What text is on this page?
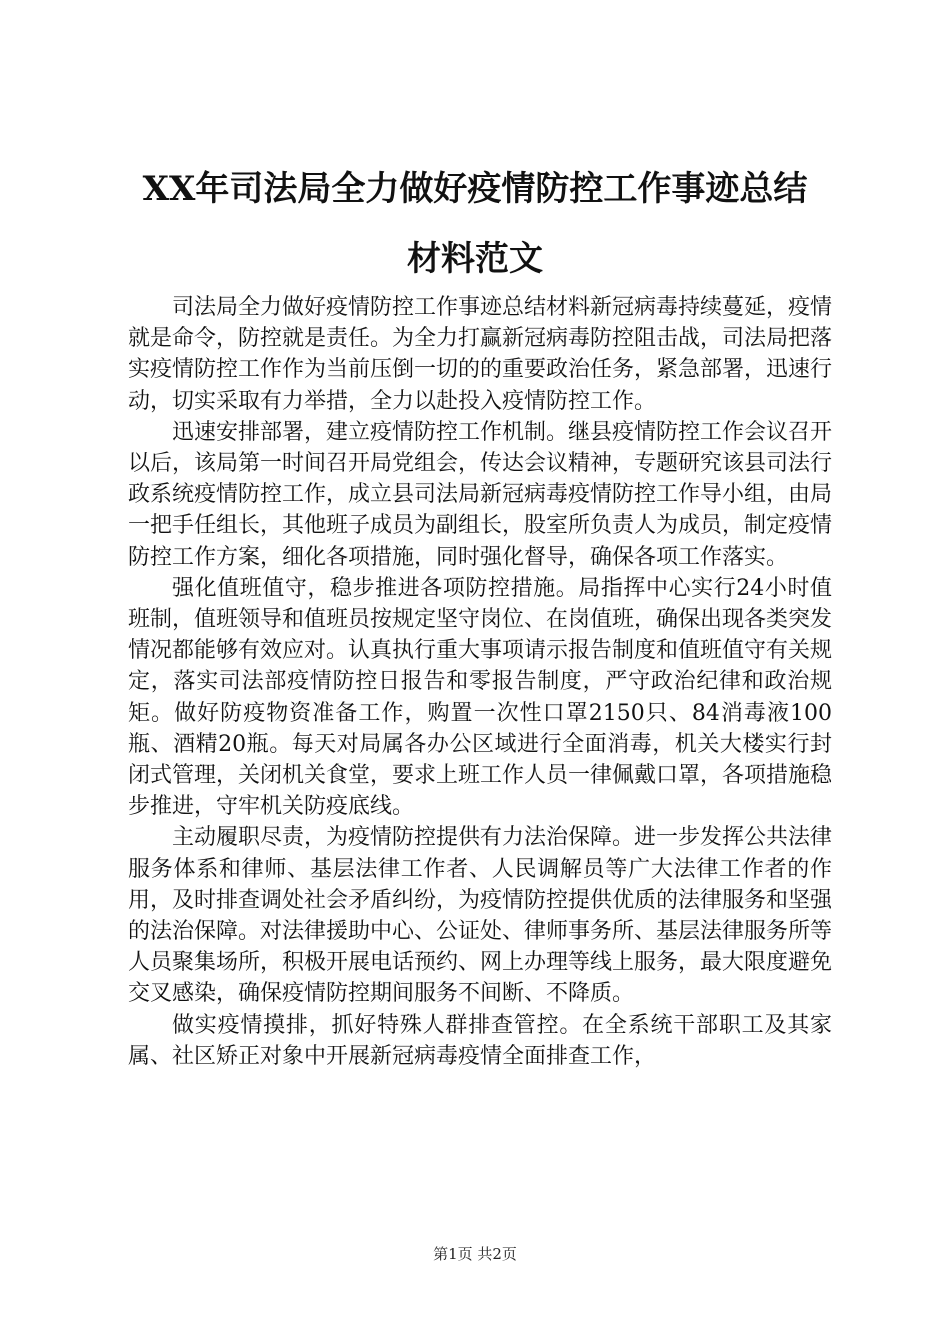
XX年司法局全力做好疫情防控工作事迹总结
材料范文

司法局全力做好疫情防控工作事迹总结材料新冠病毒持续蔓延，疫情就是命令，防控就是责任。为全力打赢新冠病毒防控阻击战，司法局把落实疫情防控工作作为当前压倒一切的的重要政治任务，紧急部署，迅速行动，切实采取有力举措，全力以赴投入疫情防控工作。

迅速安排部署，建立疫情防控工作机制。继县疫情防控工作会议召开以后，该局第一时间召开局党组会，传达会议精神，专题研究该县司法行政系统疫情防控工作，成立县司法局新冠病毒疫情防控工作导小组，由局一把手任组长，其他班子成员为副组长，股室所负责人为成员，制定疫情防控工作方案，细化各项措施，同时强化督导，确保各项工作落实。

强化值班值守，稳步推进各项防控措施。局指挥中心实行24小时值班制，值班领导和值班员按规定坚守岗位、在岗值班，确保出现各类突发情况都能够有效应对。认真执行重大事项请示报告制度和值班值守有关规定，落实司法部疫情防控日报告和零报告制度，严守政治纪律和政治规矩。做好防疫物资准备工作，购置一次性口罩2150只、84消毒液100瓶、酒精20瓶。每天对局属各办公区域进行全面消毒，机关大楼实行封闭式管理，关闭机关食堂，要求上班工作人员一律佩戴口罩，各项措施稳步推进，守牢机关防疫底线。

主动履职尽责，为疫情防控提供有力法治保障。进一步发挥公共法律服务体系和律师、基层法律工作者、人民调解员等广大法律工作者的作用，及时排查调处社会矛盾纠纷，为疫情防控提供优质的法律服务和坚强的法治保障。对法律援助中心、公证处、律师事务所、基层法律服务所等人员聚集场所，积极开展电话预约、网上办理等线上服务，最大限度避免交叉感染，确保疫情防控期间服务不间断、不降质。

做实疫情摸排，抓好特殊人群排查管控。在全系统干部职工及其家属、社区矫正对象中开展新冠病毒疫情全面排查工作，

第1页 共2页
